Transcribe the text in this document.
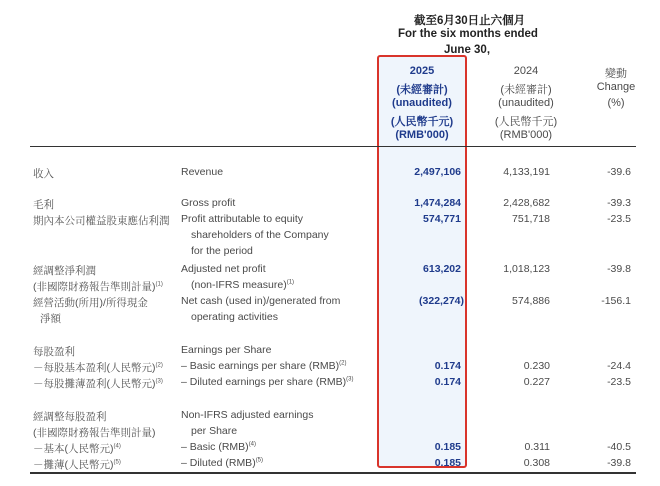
截至6月30日止六個月
For the six months ended
June 30,
2025
(未經審計)
(unaudited)
(人民幣千元)
(RMB'000)
2024
(未經審計)
(unaudited)
(人民幣千元)
(RMB'000)
變動
Change
(%)
收入	Revenue	2,497,106	4,133,191	-39.6
毛利	Gross profit	1,474,284	2,428,682	-39.3
期內本公司權益股東應佔利潤 Profit attributable to equity
shareholders of the Company
for the period
574,771	751,718	-23.5
經調整淨利潤
(非國際財務報告準則計量)$^{(1)}$
Adjusted net profit
(non-IFRS measure)$^{(1)}$
613,202	1,018,123	-39.8
經營活動(所用)/所得現金
淨額
Net cash (used in)/generated from
operating activities
(322,274)	574,886	-156.1
每股盈利	Earnings per Share
－每股基本盈利(人民幣元)$^{(2)}$ – Basic earnings per share (RMB)$^{(2)}$	0.174	0.230	-24.4
－每股攤薄盈利(人民幣元)$^{(3)}$ – Diluted earnings per share (RMB)$^{(3)}$	0.174	0.227	-23.5
經調整每股盈利
(非國際財務報告準則計量)
Non-IFRS adjusted earnings
per Share
－基本(人民幣元)$^{(4)}$	– Basic (RMB)$^{(4)}$	0.185	0.311	-40.5
－攤薄(人民幣元)$^{(5)}$	– Diluted (RMB)$^{(5)}$	0.185	0.308	-39.8
